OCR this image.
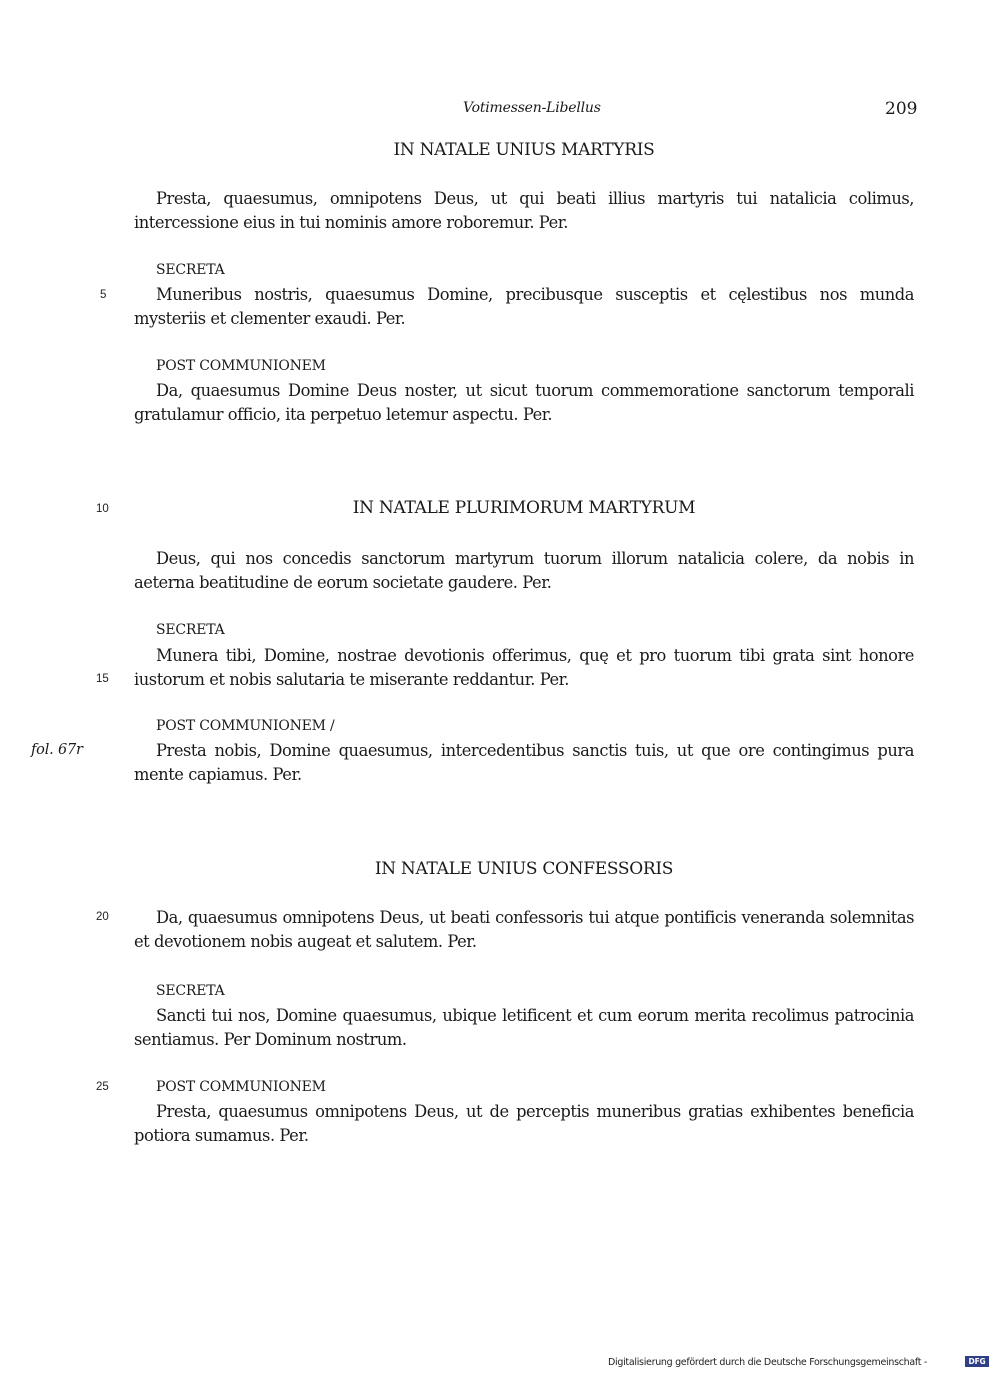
Votimessen-Libellus	209
IN NATALE UNIUS MARTYRIS
Presta, quaesumus, omnipotens Deus, ut qui beati illius martyris tui natalicia colimus, intercessione eius in tui nominis amore roboremur. Per.
SECRETA
Muneribus nostris, quaesumus Domine, precibusque susceptis et cęlestibus nos munda mysteriis et clementer exaudi. Per.
POST COMMUNIONEM
Da, quaesumus Domine Deus noster, ut sicut tuorum commemoratione sanctorum temporali gratulamur officio, ita perpetuo letemur aspectu. Per.
IN NATALE PLURIMORUM MARTYRUM
Deus, qui nos concedis sanctorum martyrum tuorum illorum natalicia colere, da nobis in aeterna beatitudine de eorum societate gaudere. Per.
SECRETA
Munera tibi, Domine, nostrae devotionis offerimus, quę et pro tuorum tibi grata sint honore iustorum et nobis salutaria te miserante reddantur. Per.
POST COMMUNIONEM /
Presta nobis, Domine quaesumus, intercedentibus sanctis tuis, ut que ore contingimus pura mente capiamus. Per.
IN NATALE UNIUS CONFESSORIS
Da, quaesumus omnipotens Deus, ut beati confessoris tui atque pontificis veneranda solemnitas et devotionem nobis augeat et salutem. Per.
SECRETA
Sancti tui nos, Domine quaesumus, ubique letificent et cum eorum merita recolimus patrocinia sentiamus. Per Dominum nostrum.
POST COMMUNIONEM
Presta, quaesumus omnipotens Deus, ut de perceptis muneribus gratias exhibentes beneficia potiora sumamus. Per.
5
10
15
20
25
fol. 67r
Digitalisierung gefördert durch die Deutsche Forschungsgemeinschaft -	DFG
